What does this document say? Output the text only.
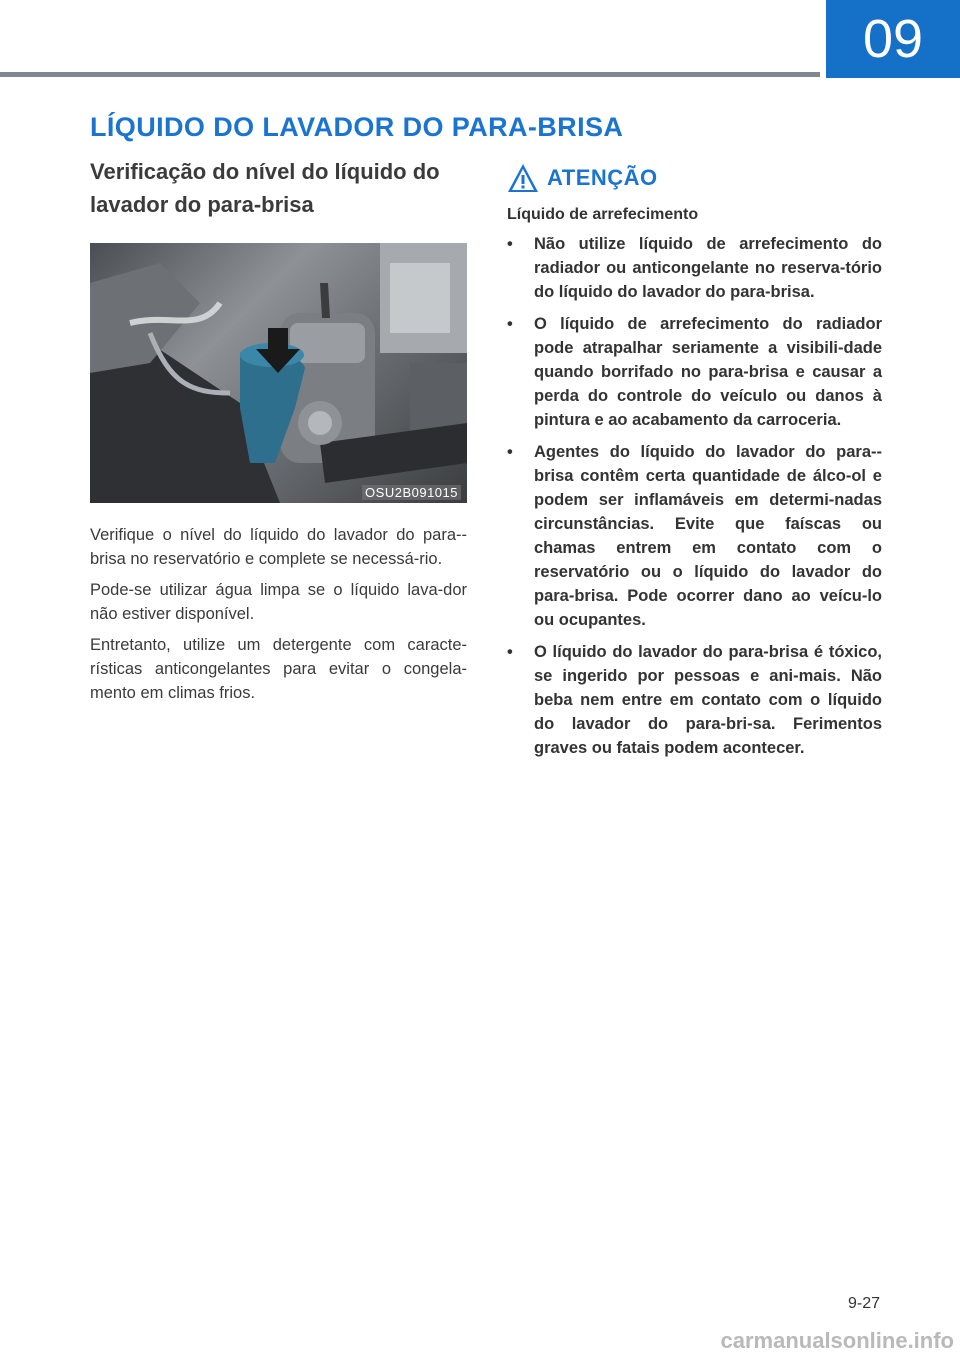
09
LÍQUIDO DO LAVADOR DO PARA-BRISA
Verificação do nível do líquido do lavador do para-brisa
OSU2B091015

Verifique o nível do líquido do lavador do para--brisa no reservatório e complete se necessá-rio.

Pode-se utilizar água limpa se o líquido lava-dor não estiver disponível.

Entretanto, utilize um detergente com caracte-rísticas anticongelantes para evitar o congela-mento em climas frios.

ATENÇÃO

Líquido de arrefecimento

• Não utilize líquido de arrefecimento do radiador ou anticongelante no reserva-tório do líquido do lavador do para-brisa.
• O líquido de arrefecimento do radiador pode atrapalhar seriamente a visibili-dade quando borrifado no para-brisa e causar a perda do controle do veículo ou danos à pintura e ao acabamento da carroceria.
• Agentes do líquido do lavador do para--brisa contêm certa quantidade de álco-ol e podem ser inflamáveis em determi-nadas circunstâncias. Evite que faíscas ou chamas entrem em contato com o reservatório ou o líquido do lavador do para-brisa. Pode ocorrer dano ao veícu-lo ou ocupantes.
• O líquido do lavador do para-brisa é tóxico, se ingerido por pessoas e ani-mais. Não beba nem entre em contato com o líquido do lavador do para-bri-sa. Ferimentos graves ou fatais podem acontecer.
9-27
carmanualsonline.info
